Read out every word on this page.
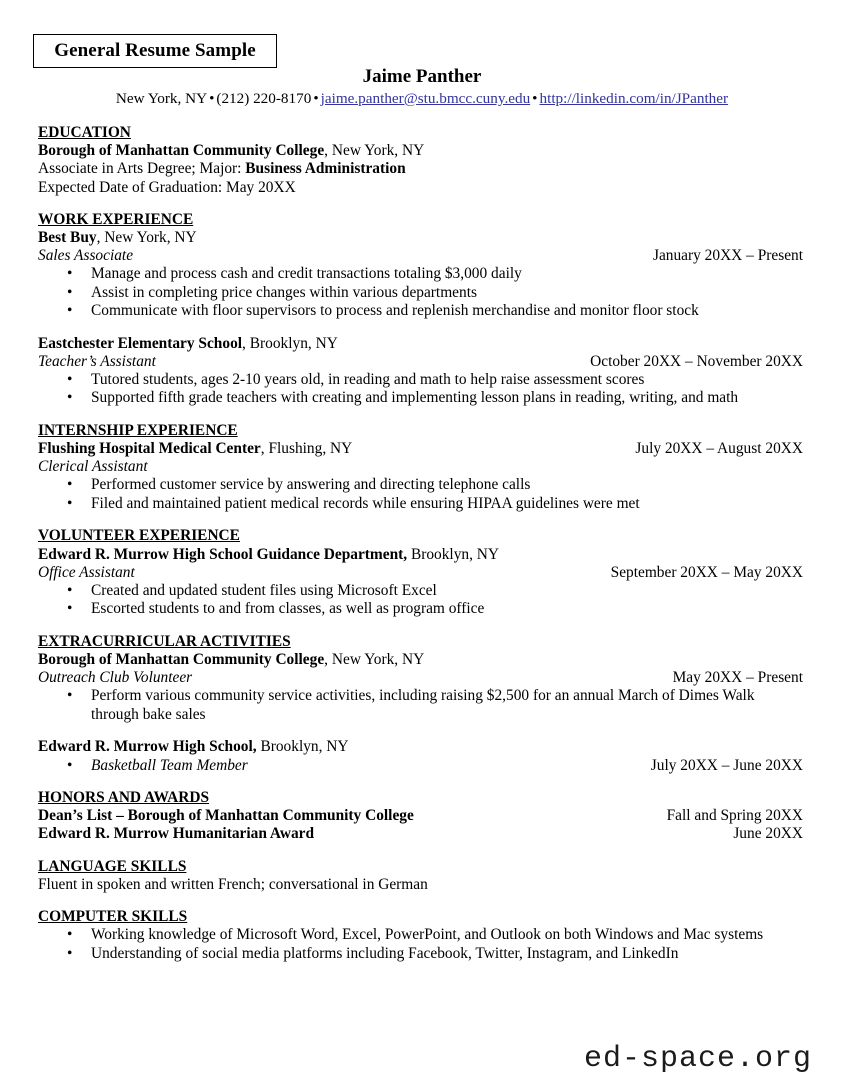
General Resume Sample
Jaime Panther
New York, NY • (212) 220-8170 • jaime.panther@stu.bmcc.cuny.edu • http://linkedin.com/in/JPanther
EDUCATION
Borough of Manhattan Community College, New York, NY
Associate in Arts Degree; Major: Business Administration
Expected Date of Graduation: May 20XX
WORK EXPERIENCE
Best Buy, New York, NY
Sales Associate	January 20XX – Present
• Manage and process cash and credit transactions totaling $3,000 daily
• Assist in completing price changes within various departments
• Communicate with floor supervisors to process and replenish merchandise and monitor floor stock
Eastchester Elementary School, Brooklyn, NY
Teacher’s Assistant	October 20XX – November 20XX
• Tutored students, ages 2-10 years old, in reading and math to help raise assessment scores
• Supported fifth grade teachers with creating and implementing lesson plans in reading, writing, and math
INTERNSHIP EXPERIENCE
Flushing Hospital Medical Center, Flushing, NY	July 20XX – August 20XX
Clerical Assistant
• Performed customer service by answering and directing telephone calls
• Filed and maintained patient medical records while ensuring HIPAA guidelines were met
VOLUNTEER EXPERIENCE
Edward R. Murrow High School Guidance Department, Brooklyn, NY
Office Assistant	September 20XX – May 20XX
• Created and updated student files using Microsoft Excel
• Escorted students to and from classes, as well as program office
EXTRACURRICULAR ACTIVITIES
Borough of Manhattan Community College, New York, NY
Outreach Club Volunteer	May 20XX – Present
• Perform various community service activities, including raising $2,500 for an annual March of Dimes Walk through bake sales
Edward R. Murrow High School, Brooklyn, NY
• Basketball Team Member	July 20XX – June 20XX
HONORS AND AWARDS
Dean’s List – Borough of Manhattan Community College	Fall and Spring 20XX
Edward R. Murrow Humanitarian Award	June 20XX
LANGUAGE SKILLS
Fluent in spoken and written French; conversational in German
COMPUTER SKILLS
• Working knowledge of Microsoft Word, Excel, PowerPoint, and Outlook on both Windows and Mac systems
• Understanding of social media platforms including Facebook, Twitter, Instagram, and LinkedIn
ed-space.org
